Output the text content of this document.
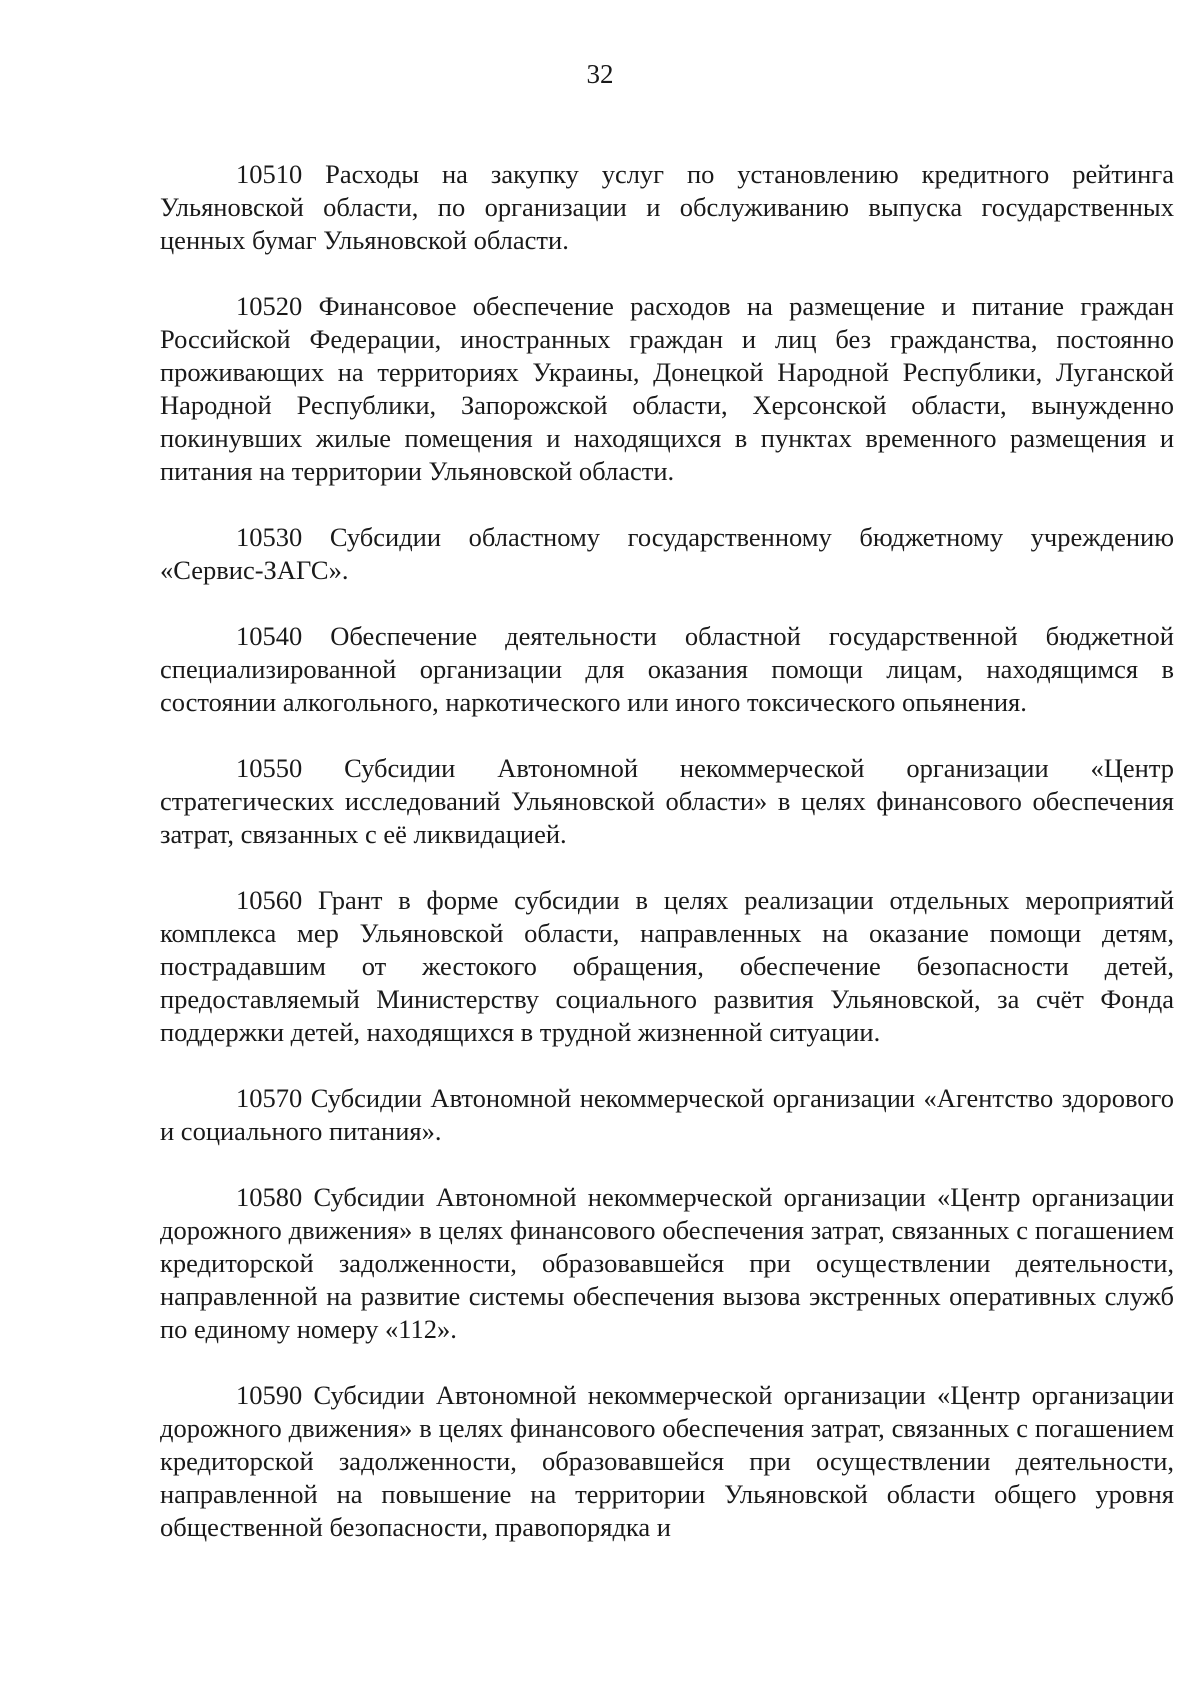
32

10510 Расходы на закупку услуг по установлению кредитного рейтинга Ульяновской области, по организации и обслуживанию выпуска государственных ценных бумаг Ульяновской области.

10520 Финансовое обеспечение расходов на размещение и питание граждан Российской Федерации, иностранных граждан и лиц без гражданства, постоянно проживающих на территориях Украины, Донецкой Народной Республики, Луганской Народной Республики, Запорожской области, Херсонской области, вынужденно покинувших жилые помещения и находящихся в пунктах временного размещения и питания на территории Ульяновской области.

10530 Субсидии областному государственному бюджетному учреждению «Сервис-ЗАГС».

10540 Обеспечение деятельности областной государственной бюджетной специализированной организации для оказания помощи лицам, находящимся в состоянии алкогольного, наркотического или иного токсического опьянения.

10550 Субсидии Автономной некоммерческой организации «Центр стратегических исследований Ульяновской области» в целях финансового обеспечения затрат, связанных с её ликвидацией.

10560 Грант в форме субсидии в целях реализации отдельных мероприятий комплекса мер Ульяновской области, направленных на оказание помощи детям, пострадавшим от жестокого обращения, обеспечение безопасности детей, предоставляемый Министерству социального развития Ульяновской, за счёт Фонда поддержки детей, находящихся в трудной жизненной ситуации.

10570 Субсидии Автономной некоммерческой организации «Агентство здорового и социального питания».

10580 Субсидии Автономной некоммерческой организации «Центр организации дорожного движения» в целях финансового обеспечения затрат, связанных с погашением кредиторской задолженности, образовавшейся при осуществлении деятельности, направленной на развитие системы обеспечения вызова экстренных оперативных служб по единому номеру «112».

10590 Субсидии Автономной некоммерческой организации «Центр организации дорожного движения» в целях финансового обеспечения затрат, связанных с погашением кредиторской задолженности, образовавшейся при осуществлении деятельности, направленной на повышение на территории Ульяновской области общего уровня общественной безопасности, правопорядка и
